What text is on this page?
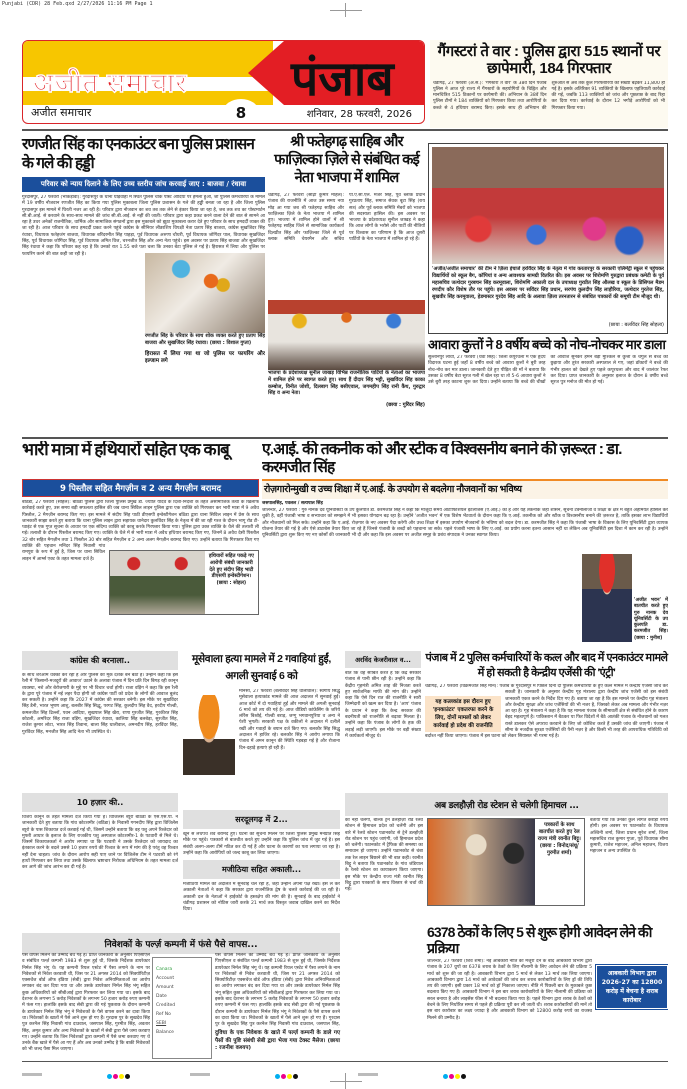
Punjabi (CDR) 28 Feb.qxd 2/27/2026 11:16 PM Page 1
अजीत समाचार पंजाब
8
अजीत समाचार	शनिवार, 28 फरवरी, 2026
गैंगस्टरां ते वार : पुलिस द्वारा 515 स्थानों पर छापेमारी, 184 गिरफ्तार
चंडीगढ़, 27 फरवरी (अ.स.): 'गैंगस्टरां ते वार' के 38वें दिन पंजाब पुलिस ने आज पूरे राज्य में गैंगस्टरों के सहयोगियों के चिह्नित और मानचित्रित 515 ठिकानों पर छापेमारी की। अभियान के 38वें दिन पुलिस टीमों ने 184 व्यक्तियों को गिरफ्तार किया तथा आरोपियों के कब्जे से 4 हथियार बरामद किए। इसके साथ ही अभियान की शुरुआत से अब तक कुल गिरफ्तारियों की संख्या बढ़कर 11,800 हो गई है। इसके अतिरिक्त 91 व्यक्तियों के खिलाफ एहतियाती कार्रवाई की गई, जबकि 113 व्यक्तियों को जांच और पूछताछ के बाद रिहा कर दिया गया। कार्रवाई के दौरान 12 भगौड़े आरोपियों को भी गिरफ्तार किया गया।
रणजीत सिंह का एनकाउंटर बना पुलिस प्रशासन के गले की हड्डी
परिवार को न्याय दिलाने के लिए उच्च स्तरीय जांच करवाई जाए : बाजवा / रंधावा
रणजीत सिंह के परिवार के साथ शोक व्यक्त करते हुए प्रताप सिंह बाजवा और सुखजिंदर सिंह रंधावा। (छाया : विशाल गुप्ता)
हिरासत में लिया गया था जो पुलिस पर फायरिंग और इल्जाम लगे
गुरदासपुर, 27 फरवरी (भाकड़ावा): गुरदासपुर के थाना घोड़ेवाहा में स्थित पुलिस चौक पोस्ट आदियां पर हमला हुआ, जो पुलिस कर्मचारियों के मामले में 19 वर्षीय नौजवान रणजीत सिंह का किया गया पुलिस मुकाबला जिला पुलिस प्रशासन के गले की हड्डी बनता जा रहा है और जिला पुलिस गुरदासपुर इस मामले में घिरती नजर आ रही है। परिवार द्वारा नौजवान का शव तब तक लेने से इंकार किया जा रहा है, जब तक शव का पोस्टमार्टम सी.बी.आई. से करवाने के साथ-साथ मामले की जांच सी.बी.आई. से नहीं की जाती। परिवार द्वारा कहा प्रकट करने वाला देने की बात से सामने आ रहा है उधर अनेकों राजनीतिक, धार्मिक और सामाजिक संगठनों द्वारा इस मुकाबले को झूठा मुकाबला करार देते हुए परिवार के साथ हमदर्दी व्यक्त की जा रही है। आज परिवार के साथ हमदर्दी प्रकट करने पहुंचे कांग्रेस के सीनियर लीडरशिप विपक्षी नेता प्रताप सिंह बाजवा, कांग्रेस सुखजिंदर सिंह रंधावा, विधायक फतेहजंग बाजवा, विधायक बरिंदरमीत सिंह पाहड़ा, पूर्व विधायक अरुणा चौधरी, पूर्व विधायक जोगिंदर पाल, विधायक सुखजिंदर सिंह, पूर्व विधायक जोगिंदर सिंह, पूर्व विधायक अमित विज, चरनजीत सिंह और अन्य नेता पहुंचे। इस अवसर पर प्रताप सिंह बाजवा और सुखजिंदर सिंह रंधावा ने कहा कि परिवार कह रहा है कि उनको रात 1.55 बजे पता चला कि उनका बेटा पुलिस ले गई है। हिरासत में लिया और पुलिस पर फायरिंग करने की बात कही जा रही है।
श्री फतेहगढ़ साहिब और फाज़िल्का ज़िले से संबंधित कई नेता भाजपा में शामिल
चंडीगढ़, 27 फरवरी (सोढ़ी कुमार माहल): पंजाब की राजनीति में आज उस समय नया मोड़ आ गया जब श्री फतेहगढ़ साहिब और फाज़िल्का ज़िले के नेता भाजपा में शामिल हुए। भाजपा में शामिल होने वालों में श्री फतेहगढ़ साहिब जिले से सामाजिक कार्यकर्ता दिलप्रीत सिंह और फाज़िल्का जिले से पूर्व ब्लाक समिति चेयरमैन और सचिव पी.ए.सी.एल. मेजर सिंह, पूर्व ब्लाक प्रधान गुरप्रताप सिंह, समाज सेवक बूटा सिंह (राय सत्र) और पूर्व ब्लाक समिति मेंबरों को भाजपा की सदस्यता हासिल की। इस अवसर पर भाजपा के प्रदेशाध्यक्ष सुनील जाखड़ ने कहा कि आज लोगों के भरोसे और पार्टी की नीतियों पर विश्वास का परिणाम है कि आज दूसरी पार्टियों के नेता भाजपा में शामिल हो रहे हैं।
भाजपा के प्रदेशाध्यक्ष सुनील जाखड़ विभिन्न राजनीतिक पार्टियों के नेताओं का भाजपा में शामिल होने पर स्वागत करते हुए। साथ हैं दीदार सिंह भट्टी, सुखविंदर सिंह काका कम्बोज, विनीत जोशी, दिलबाग सिंह बसीएवाल, जगमहीप सिंह रानी कैंथ, गुरुद्वार सिंह व अन्य नेता।
(छाया : गुरिंदर सिंह)
'अजीत/अजीत समाचार' की टीम ने ज़िला इंचार्ज हरविंदर सिंह के नेतृत्व में गांव करतारपुर के सरकारी एलिमेंट्री स्कूल में पहुंचकर विद्यार्थियों को स्कूल बैग, कॉपियां व अन्य आवश्यक सामग्री वितरित की। इस अवसर पर शिरोमणि गुरुद्वारा प्रबंधक कमेटी के पूर्व महासचिव जत्थेदार गुरबचन सिंह करमूवाला, शिरोमणि अकाली दल के उपाध्यक्ष गुरप्रीत सिंह औलख व स्कूल के प्रिंसिपल मैडम रणदीप कौर विशेष तौर पर पहुंचे। इस अवसर पर सविंदर सिंह प्रधान, सरपंच कुलदीप सिंह लाहौरिया, जत्थेदार गुरतेज सिंह, सुखवीर सिंह करमूवाला, हेडमास्टर गुरदेव सिंह आदि के अलावा ज़िला तरनतारन से संबंधित पत्रकारों की समूची टीम मौजूद थी।
(छाया : बलविंदर सिंह सोहला)
आवारा कुत्तों ने 8 वर्षीय बच्चे को नोच-नोचकर मार डाला
सुल्तानपुर लोधी, 27 फरवरी (थेवा सिंह): जिला कपूरथला में एक हृदय विदारक घटना हुई जहाँ 8 वर्षीय बच्चे को आवारा कुत्तों ने बुरी तरह नोच-नोच कर मार डाला। जानकारी देते हुए पीड़ित की माँ ने बताया कि उसका 8 वर्षीय बेटा सूरज गली में खेल रहा था तो 5-6 आवारा कुत्तों ने उसे बुरी तरह काटना शुरू कर दिया। उन्होंने बताया कि बच्चे की चीखों की आवाज सुनकर हमने बड़ी मुश्किल से कुत्तों के चंगुल से बच्चे को छुड़ाया और तुरंत सरकारी अस्पताल ले गए, जहां डॉक्टरों ने बच्चे की गंभीर हालत को देखते हुए पहले कपूरथला और बाद में जालंधर रैफर कर दिया। प्राप्त जानकारी के अनुसार इलाज के दौरान 8 वर्षीय बच्चे सूरज पुत्र मनोज की मौत हो गई।
भारी मात्रा में हथियारों सहित एक काबू
9 पिस्तौल सहित मैगज़ीन व 2 अन्य मैगज़ीन बरामद
हथियारों सहित पकड़े गए आरोपी संबंधी जानकारी देते हुए संदीप सिंह भाटी डीएसपी इन्वेस्टीगेशन। (छाया : सोहल)
बठिंडा, 27 फरवरी (सोहल): बठिंडा पुलिस द्वारा जिला पुलिस प्रमुख डा. ज्योति यादव के दिशा-निर्देशों के तहत असामाजिक तत्वों के खिलाफ कार्रवाई करते हुए, उस समय बड़ी सफलता हासिल की जब थाना सिविल लाइन पुलिस द्वारा एक व्यक्ति को गिरफ्तार कर भारी मात्रा में 9 अवैध पिस्तौल, 2 मैगज़ीन बरामद किए गए। इस मामले में संदीप सिंह पाठी डीएसपी इन्वेस्टीगेशन बठिंडा द्वारा थाना सिविल लाइन में प्रेस के साथ जानकारी साझा करते हुए बताया कि थाना पुलिस लाइन द्वारा सहायक थानेदार कुलविंदर सिंह के नेतृत्व में की जा रही गश्त के दौरान भागू रोड टी-प्वाइंट से एक गुप्त सूचना के आधार पर एक संदिग्ध व्यक्ति को काबू करके गिरफ्तार किया गया। पुलिस द्वारा उक्त व्यक्ति के थैले की तलाशी ली गई। तलाशी के दौरान पिस्तौल बरामद किए गए। व्यक्ति के थैले में से भारी मात्रा में अवैध हथियार बरामद किए गए, जिनमें 8 अवैध देसी पिस्तौल 32 बोर सहित मैगज़ीन तथा 1 पिस्तौल 30 बोर सहित मैगज़ीन व 2 अन्य अलग मैगज़ीन बरामद किए गए। उन्होंने बताया कि गिरफ्तार किए गए व्यक्ति की पहचान मनिंदर सिंह निवासी गांव रामपुरा के रूप में हुई है, जिस पर थाना सिविल लाइन में आर्म्स एक्ट के तहत मामला दर्ज है।
ए.आई. की तकनीक को और स्टीक व विश्वसनीय बनाने की ज़रूरत : डा. करमजीत सिंह
रोज़गारोन्मुखी व उच्च शिक्षा में ए.आई. के उपयोग से बदलेगा नौजवानों का भविष्य
जसपालसिंह, पवलल / सत्यपाल सिंह
'अजीत भवन' में बातचीत करते हुए गुरु नानक देव यूनिवर्सिटी के उप कुलपति डा. करमजीत सिंह। (छाया : मुनीश)
जालन्धर, 27 फरवरी : गुरु नानक देव यूनिवर्सिटी के उप कुलपति डा. करमजीत सिंह ने कहा कि मौजूदा समय आर्टीफिशियल इंटैलीजेंस (ए.आई.) का है और यह तकनीक जहां शासन, सूचना टेक्नोलॉजी व शिक्षा के क्षेत्र में बहुत अहमियत हासिल कर चुकी है, वहीं पंजाबी भाषा व सभ्याचार को समझने में भी इसका योगदान बढ़ रहा है। उन्होंने 'अजीत भवन' में एक विशेष भेंटवार्ता के दौरान कहा कि ए.आई. तकनीक को और स्टीक व विश्वसनीय बनाने की ज़रूरत है, ताकि इसका लाभ विद्यार्थियों और नौजवानों को मिल सके। उन्होंने कहा कि ए.आई. रोज़गार के नए अवसर पैदा करेगी और उच्च शिक्षा में इसका उपयोग नौजवानों के भविष्य को बदल देगा। डा. करमजीत सिंह ने कहा कि पंजाबी भाषा के विकास के लिए यूनिवर्सिटी द्वारा व्यापक योजना तैयार की गई है और ऐसे डाटाबेस तैयार किए जा रहे हैं जिनसे पंजाबी के शब्दों को पहचाना जा सके। पहले पंजाबी भाषा के लिए ए.आई. का प्रयोग करना इतना आसान नहीं था लेकिन अब यूनिवर्सिटी इस दिशा में काम कर रही है। उन्होंने यूनिवर्सिटी द्वारा शुरू किए गए नए कोर्सों की जानकारी भी दी और कहा कि इस अवसर पर अजीत समूह के प्रबंध संपादक ने उनका स्वागत किया।
कांग्रेस की बरनाला..
के साथ शरेआम धक्का कर रही है और पुलिस की मूक दर्शक बन बैठी है। उन्होंने कहा कि इस रैली में 'किसानों-मजदूरों की आवाज' उठाने के अलावा पंजाब में दिन प्रति दिन बिगड़ रही कानून व्यवस्था, नशे और बेरोजगारी के मुद्दे पर भी विचार चर्चा होगी। राजा वड़िंग ने कहा कि इस रैली के द्वारा पूरे पंजाब में नई लहर पैदा होगी जो कांग्रेस पार्टी को प्रदेश के लोगों की आवाज बुलंद कर सकती है। उन्होंने कहा कि 2027 में कांग्रेस की सरकार बनेगी। इस मौके पर सुखविंदर सिंह डैनी, भारत भूषण आशु, बलबीर सिंह सिद्धू, परगट सिंह, कुलदीप सिंह वैद, हरदीप गोल्डी, कमलजीत सिंह ढिल्लों, पवन आदिया, सुखपाल सिंह खैरा, राणा गुरजीत सिंह, गुरकीरत सिंह कोटली, अमरिंदर सिंह राजा वड़िंग, सुखजिंदर रंधावा, कालिया सिंह बलबेड़ा, सुरजीत सिंह, राजेश कुमार लोटा, भारत सिंह तिवाना, बाला सिंह धालीवाल, अमनदीप सिंह, हरविंदर सिंह, गुरविंदर सिंह, मनजीत सिंह आदि नेता भी उपस्थित थे।
10 हज़ार की..
विजय कानून के तहत मामला दर्ज किया गया है। विजिलेंस ब्यूरो बठिंडा के एस.एस.पी. ने जानकारी देते हुए बताया कि गांव कोटशमीर (बठिंडा) के निवासी गगनदीप सिंह द्वारा विजिलेंस ब्यूरो के पास शिकायत दर्ज करवाई गई थी, जिसमें उन्होंने बताया कि वह पशु अपने रिश्तेदार को मुफ्ती आधार के इलाज के लिए राजकीय पशु अस्पताल कोटशमीर-1 के पटवारी से मिले थे। जिसमें शिकायतकर्ता ने आरोप लगाया था कि पटवारी ने उसके रिश्तेदार को जायदाद का इंतकाल करने के बदले उससे 10 हजार रुपये की रिश्वत के रूप में मांग की है परंतु वह रिश्वत नहीं देना चाहता। जांच के दौरान आरोप सही पाए जाने पर विजिलेंस टीम ने पटवारी को रंगे हाथों गिरफ्तार कर लिया तथा उसके खिलाफ भ्रष्टाचार निरोधक अधिनियम के तहत मामला दर्ज कर आगे की जांच आरंभ कर दी गई है।
मूसेवाला हत्या मामले में 2 गवाहियां हुईं, अगली सुनवाई 6 को
मानसा, 27 फरवरी (बलविंदर सिंह धालीवाल): स्वर्गीय सिद्धू मूसेवाला हत्याकांड मामले की आज अदालत में सुनवाई हुई। आज कोर्ट में दो गवाहियां हुईं और मामले की अगली सुनवाई 6 मार्च को तय की गई है। आज वीडियो कांफ्रेंसिंग के जरिये लॉरेंस बिश्नोई, गोल्डी बराड़, जग्गू भगवानपुरिया व अन्य ने पेशी भुगती। सरकारी पक्ष के वकीलों ने अदालत में दलीलें रखीं और गवाहों के बयान दर्ज किए गए। बलकौर सिंह सिद्धू अदालत में हाजिर रहे। बलकौर सिंह ने आरोप लगाया कि पंजाब में अमन कानून की स्थिति गड़बड़ा गई है और रोजाना दिन-दहाड़े हत्याएं हो रही हैं।
सरदूलगढ़ में 2...
खून से लथपथ शव बरामद हुए। घटना की सूचना मिलने पर जिला पुलिस प्रमुख मनप्रीत सिंह मौके पर पहुंचे। पत्रकारों से बातचीत करते हुए उन्होंने कहा कि पुलिस जांच में जुट गई है। इस संबंधी अलग-अलग टीमें गठित कर दी गई हैं और घटना के कारणों का पता लगाया जा रहा है। उन्होंने कहा कि आरोपियों को जल्द काबू कर लिया जाएगा।
मजीठिया सहित अकाली...
मजीठिया मामले की अदालत में सुनवाई चल रही है, जहाँ उन्होंने अपना पक्ष रखा। इसे ले कर अकाली नेताओं ने कहा कि सरकार द्वारा राजनीतिक द्वेष के चलते कार्रवाई की जा रही है। अकाली दल के नेताओं ने हाईकोर्ट के हस्तक्षेप की मांग की है। सुनवाई के बाद हाईकोर्ट ने चंडीगढ़ प्रशासन को नोटिस जारी करके 21 मार्च तक विस्तृत जवाब दाखिल करने का निर्देश दिया।
अरविंद केजरीवाल व...
बात कि वह साबित करते हैं कि केंद्र सरकार पंजाब से पानी छीन रही है। उन्होंने कहा कि केंद्रीय गृहमंत्री अमित शाह की निजता करते हुए सार्वजनिक माफी की मांग की। उन्होंने कहा कि ऐसे दिन रात की राजनीति ने सारी जिम्मेदारी को खत्म कर दिया है। 'आप' पंजाब के प्रधान ने कहा कि केन्द्र सरकार की बदनीयती को राजनीति से बढ़ावा मिलता है। उन्होंने कहा कि पंजाब के लोगों के हक की लड़ाई लड़ी जाएगी। इस मौके पर बड़ी संख्या में कार्यकर्ता मौजूद थे।
पंजाब में 2 पुलिस कर्मचारियों के कत्ल और बाद में एनकाउंटर मामले में हो सकती है केन्द्रीय एजेंसी की 'एंट्री'
यह कत्लकांड इस दौरान हुए 'इनकाउंटर' एकतरफा करने के लिए, दोनों मामलों को लेकर कार्रवाई हो प्रदेश की राजनीति
चंडीगढ़, 27 फरवरी (विक्रमजीत सिंह मान): पंजाब के गुरदासपुर में पिछले दिनों दो पुलिस कर्मचारियों के हुए कत्ल मामले में केन्द्रीय एजेंसी जांच कर सकती है। जानकारी के अनुसार केन्द्रीय गृह मंत्रालय द्वारा केन्द्रीय जांच एजेंसी को इस संबंधी जानकारी एकत्र करने के निर्देश दिए गए हैं। बताया जा रहा है कि इस मामले पर केन्द्रीय गृह मंत्रालय और केन्द्रीय सुरक्षा और जांच एजेंसियों की भी नजर है, जिसको लेकर अब मामला और गंभीर नज़र आ रहा है। गृह मंत्रालय ने कहा है कि यह मामला पंजाब के सीमावर्ती क्षेत्र से संबंधित होने के कारण बेहद महत्वपूर्ण है। पाकिस्तान में बैठकर या फिर विदेशों में बैठे आतंकी पंजाब के नौजवानों को गलत रास्ते डालकर ऐसे अपराध करवाने के लिए जो कोशिश करते हैं उसकी जांच की जाएगी। पंजाब में सीमा के नजदीक सुरक्षा एजेंसियों की पैनी नज़र है और किसी भी तरह की आपराधिक गतिविधि को बर्दाश्त नहीं किया जाएगा। पंजाब में इस घटना को लेकर सियासत भी गरमा गई है।
अब डलहौज़ी रोड स्टेशन से चलेगी हिमाचल ...
को नहीं चलेगी, बल्कि ट्रेनें डलहौज़ी रोड रेलवे स्टेशन से हिमाचल प्रदेश को चलेंगी और इस बारे में रेलवे स्टेशन पठानकोट से ट्रेनें डलहौज़ी रोड स्टेशन पर पहुंच जाएंगी, जो हिमाचल प्रदेश को चलेंगी। पठानकोट में ट्रैफिक की समस्या का समाधान हो जाएगा। उन्होंने पठानकोट से चंबा तक रेल लाइन बिछाने की भी बात कही। रवनीत बिट्टू ने बताया कि पठानकोट के गांव जंडियाल के रेलवे स्टेशन का कायाकल्प किया जाएगा। इस मौके पर केन्द्रीय राज्य मंत्री रवनीत सिंह बिट्टू द्वारा पत्रकारों के साथ विस्तार से चर्चा की गई।
पत्रकारों के साथ बातचीत करते हुए रेल राज्य मंत्री रवनीत बिट्टू। (छाया : विनोद/संधू/गुरमीत शर्मा)
बताया गया कि उनकी कुल लागत करोड़ों रुपये होगी। इस अवसर पर पठानकोट के विधायक अश्विनी शर्मा, जिला प्रधान सुरेश शर्मा, जिला महासचिव राज कुमार गुप्ता, पूर्व विधायक सीमा कुमारी, राजेश महाजन, अनिल महाजन, विजय महाजन व अन्य उपस्थित थे।
6378 ठेकों के लिए 5 से शुरू होगी आवेदन लेने की प्रक्रिया
आबकारी विभाग द्वारा 2026-27 का 12800 करोड़ में बेचना है शराब कारोबार
जालन्धर, 27 फरवरी (शिव शर्मा): नई आबकारी नीति को मंजूरी देने के बाद आबकारी विभाग द्वारा पंजाब के 207 ग्रुपों का 6378 शराब के ठेकों के लिए नीलामी के लिए आवेदन लेने की प्रक्रिया 5 मार्च को शुरू की जा रही है। आबकारी विभाग द्वारा 5 मार्च से लेकर 13 मार्च तक लिया जाएगा। आबकारी विभाग द्वारा 14 मार्च को आवेदकों की जांच कर शराब कारोबारियों के लिए ड्रॉ की तिथि तय की जाएगी। इसी प्रकार 18 मार्च को ड्रॉ निकाला जाएगा। नीति में पिछली बार के मुकाबले कुछ बदलाव किए गए हैं। आबकारी विभाग ने इस बार शराब कारोबारियों के लिए नीलामी की प्रक्रिया को सरल बनाया है और लाइसेंस फीस में भी बदलाव किया गया है। पहले विभाग द्वारा शराब के ठेकों को बेचने के लिए निर्धारित समय से पहले ही प्रक्रिया पूरी कर ली जाती थी। शराब कारोबारियों की मानें तो इस बार कारोबार का लक्ष्य ज्यादा है और आबकारी विभाग को 12800 करोड़ रुपये का राजस्व मिलने की उम्मीद है।
निवेशकों के पर्ल्ज़ कम्पनी में फंसे पैसे वापस...
पैसे वापस मिलने की उम्मीद बंध गई है। प्राप्त जानकारी के अनुसार पिएसीएल व संबंधित पर्ल्ज़ कम्पनी 1983 से शुरू हुई थी, जिसके निर्देशक डायरेक्टर निर्मल सिंह भंगू थे। यह कम्पनी रियल एस्टेट में पैसा लगाने के नाम पर निवेशकों से निवेश करवाती थी, जिस पर 21 अगस्त 2014 को सिक्योरिटीज़ एक्सचेंज बोर्ड ऑफ इंडिया (सेबी) द्वारा निवेश अनियमितताओं का आरोप लगाकर बंद कर दिया गया था और उसके डायरेक्टर निर्मल सिंह भंगू सहित कुछ अधिकारियों को सीबीआई द्वारा गिरफ्तार कर लिया गया था। इसके बाद देशभर के लगभग 5 करोड़ निवेशकों के लगभग 50 हजार करोड़ रुपए कम्पनी में फंस गए। हालांकि इसके बाद सेबी द्वारा की गई पूछताछ के दौरान कम्पनी के डायरेक्टर निर्मल सिंह भंगू ने निवेशकों के पैसे वापस करने का दावा किया था। निवेशकों के खातों में पैसे आने शुरू हो गए हैं। गुरदास पुर के सुखदेव सिंह पुत्र करनैल सिंह निवासी गांव दाउवाल, जसपाल सिंह, गुरमीत सिंह, अवतार सिंह, अमृत कुमार और अन्य निवेशकों के खातों में सेबी द्वारा पैसे जमा करवाए गए। उन्होंने बताया कि जिन निवेशकों द्वारा कम्पनी में पैसे जमा करवाए गए थे उनके बैंक खाते में पैसे आ गए हैं और अब उनको उम्मीद है कि बाकी निवेशकों को भी जल्द पैसा मिल जाएगा।
Canara
Account
Amount
Date
Credited
Ref No
SEBI
Balance
पैसे वापस मिलने की उम्मीद बंध गई है। प्राप्त जानकारी के अनुसार पिएसीएल व संबंधित पर्ल्ज़ कम्पनी 1983 से शुरू हुई थी, जिसके निर्देशक डायरेक्टर निर्मल सिंह भंगू थे। यह कम्पनी रियल एस्टेट में पैसा लगाने के नाम पर निवेशकों से निवेश करवाती थी, जिस पर 21 अगस्त 2014 को सिक्योरिटीज़ एक्सचेंज बोर्ड ऑफ इंडिया (सेबी) द्वारा निवेश अनियमितताओं का आरोप लगाकर बंद कर दिया गया था और उसके डायरेक्टर निर्मल सिंह भंगू सहित कुछ अधिकारियों को सीबीआई द्वारा गिरफ्तार कर लिया गया था। इसके बाद देशभर के लगभग 5 करोड़ निवेशकों के लगभग 50 हजार करोड़ रुपए कम्पनी में फंस गए। हालांकि इसके बाद सेबी द्वारा की गई पूछताछ के दौरान कम्पनी के डायरेक्टर निर्मल सिंह भंगू ने निवेशकों के पैसे वापस करने का दावा किया था। निवेशकों के खातों में पैसे आने शुरू हो गए हैं। गुरदास पुर के सुखदेव सिंह पुत्र करनैल सिंह निवासी गांव दाउवाल, जसपाल सिंह,
दुविधा के एक निवेशक के खाते में पर्ल्ज़ कम्पनी के डाले गए पैसों की पुष्टि संबंधी सेबी द्वारा भेजा गया टेक्स्ट मैसेज। (छाया : रजनीश कश्यप)
